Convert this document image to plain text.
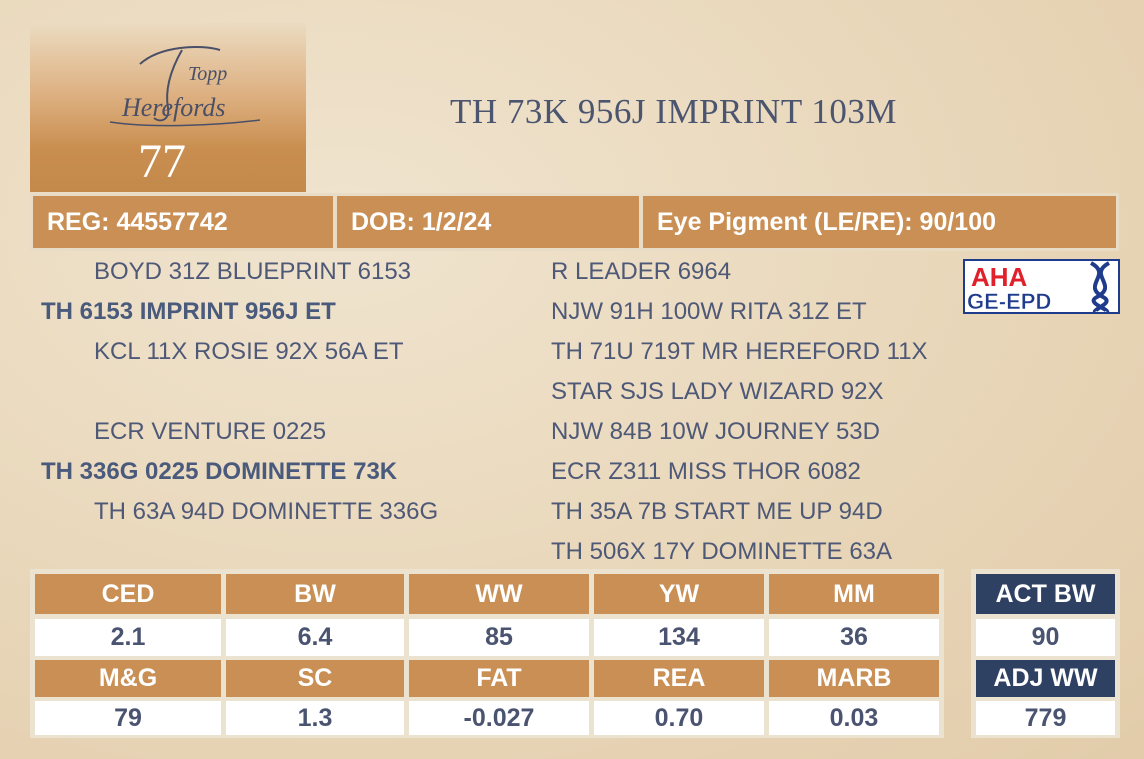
Topp
Herefords
77
TH 73K 956J IMPRINT 103M
REG: 44557742	DOB: 1/2/24	Eye Pigment (LE/RE): 90/100
BOYD 31Z BLUEPRINT 6153
TH 6153 IMPRINT 956J ET
KCL 11X ROSIE 92X 56A ET
ECR VENTURE 0225
TH 336G 0225 DOMINETTE 73K
TH 63A 94D DOMINETTE 336G
R LEADER 6964
NJW 91H 100W RITA 31Z ET
TH 71U 719T MR HEREFORD 11X
STAR SJS LADY WIZARD 92X
NJW 84B 10W JOURNEY 53D
ECR Z311 MISS THOR 6082
TH 35A 7B START ME UP 94D
TH 506X 17Y DOMINETTE 63A
AHA
GE-EPD
CED	BW	WW	YW	MM
2.1	6.4	85	134	36
M&G	SC	FAT	REA	MARB
79	1.3	-0.027	0.70	0.03
ACT BW
90
ADJ WW
779
